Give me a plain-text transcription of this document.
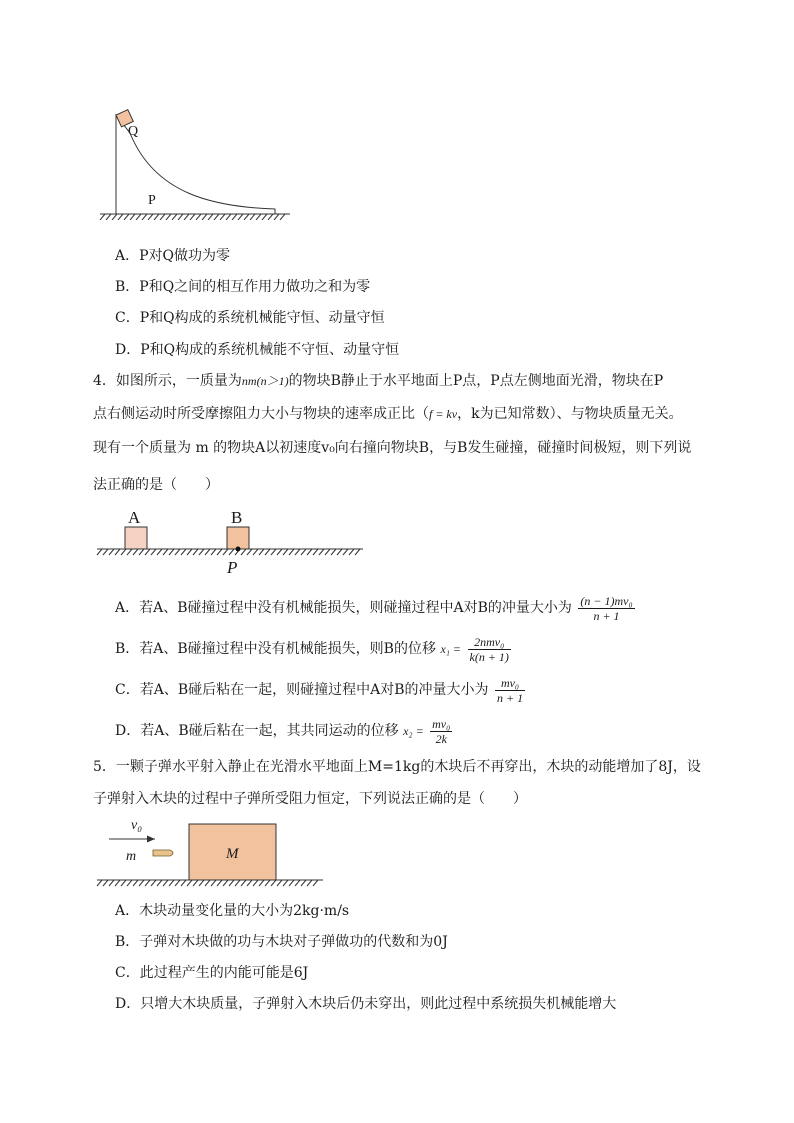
Q
P
A．P对Q做功为零
B．P和Q之间的相互作用力做功之和为零
C．P和Q构成的系统机械能守恒、动量守恒
D．P和Q构成的系统机械能不守恒、动量守恒
4．如图所示，一质量为nm(n＞1)的物块B静止于水平地面上P点，P点左侧地面光滑，物块在P
点右侧运动时所受摩擦阻力大小与物块的速率成正比（f = kv，k为已知常数）、与物块质量无关。
现有一个质量为 m 的物块A以初速度v₀向右撞向物块B，与B发生碰撞，碰撞时间极短，则下列说
法正确的是（　　）
A	B
P
A．若A、B碰撞过程中没有机械能损失，则碰撞过程中A对B的冲量大小为 $\frac{\text{(n − 1)mv₀}}{n + 1}$
B．若A、B碰撞过程中没有机械能损失，则B的位移 $x_1 = \frac{\text{2nmv₀}}{k(n + 1)}$
C．若A、B碰后粘在一起，则碰撞过程中A对B的冲量大小为 $\frac{\text{mv₀}}{n + 1}$
D．若A、B碰后粘在一起，其共同运动的位移 $x_2 = \frac{\text{mv₀}}{2k}$
5．一颗子弹水平射入静止在光滑水平地面上M=1kg的木块后不再穿出，木块的动能增加了8J，设
子弹射入木块的过程中子弹所受阻力恒定，下列说法正确的是（　　）
v₀
m	M
A．木块动量变化量的大小为2kg·m/s
B．子弹对木块做的功与木块对子弹做功的代数和为0J
C．此过程产生的内能可能是6J
D．只增大木块质量，子弹射入木块后仍未穿出，则此过程中系统损失机械能增大
